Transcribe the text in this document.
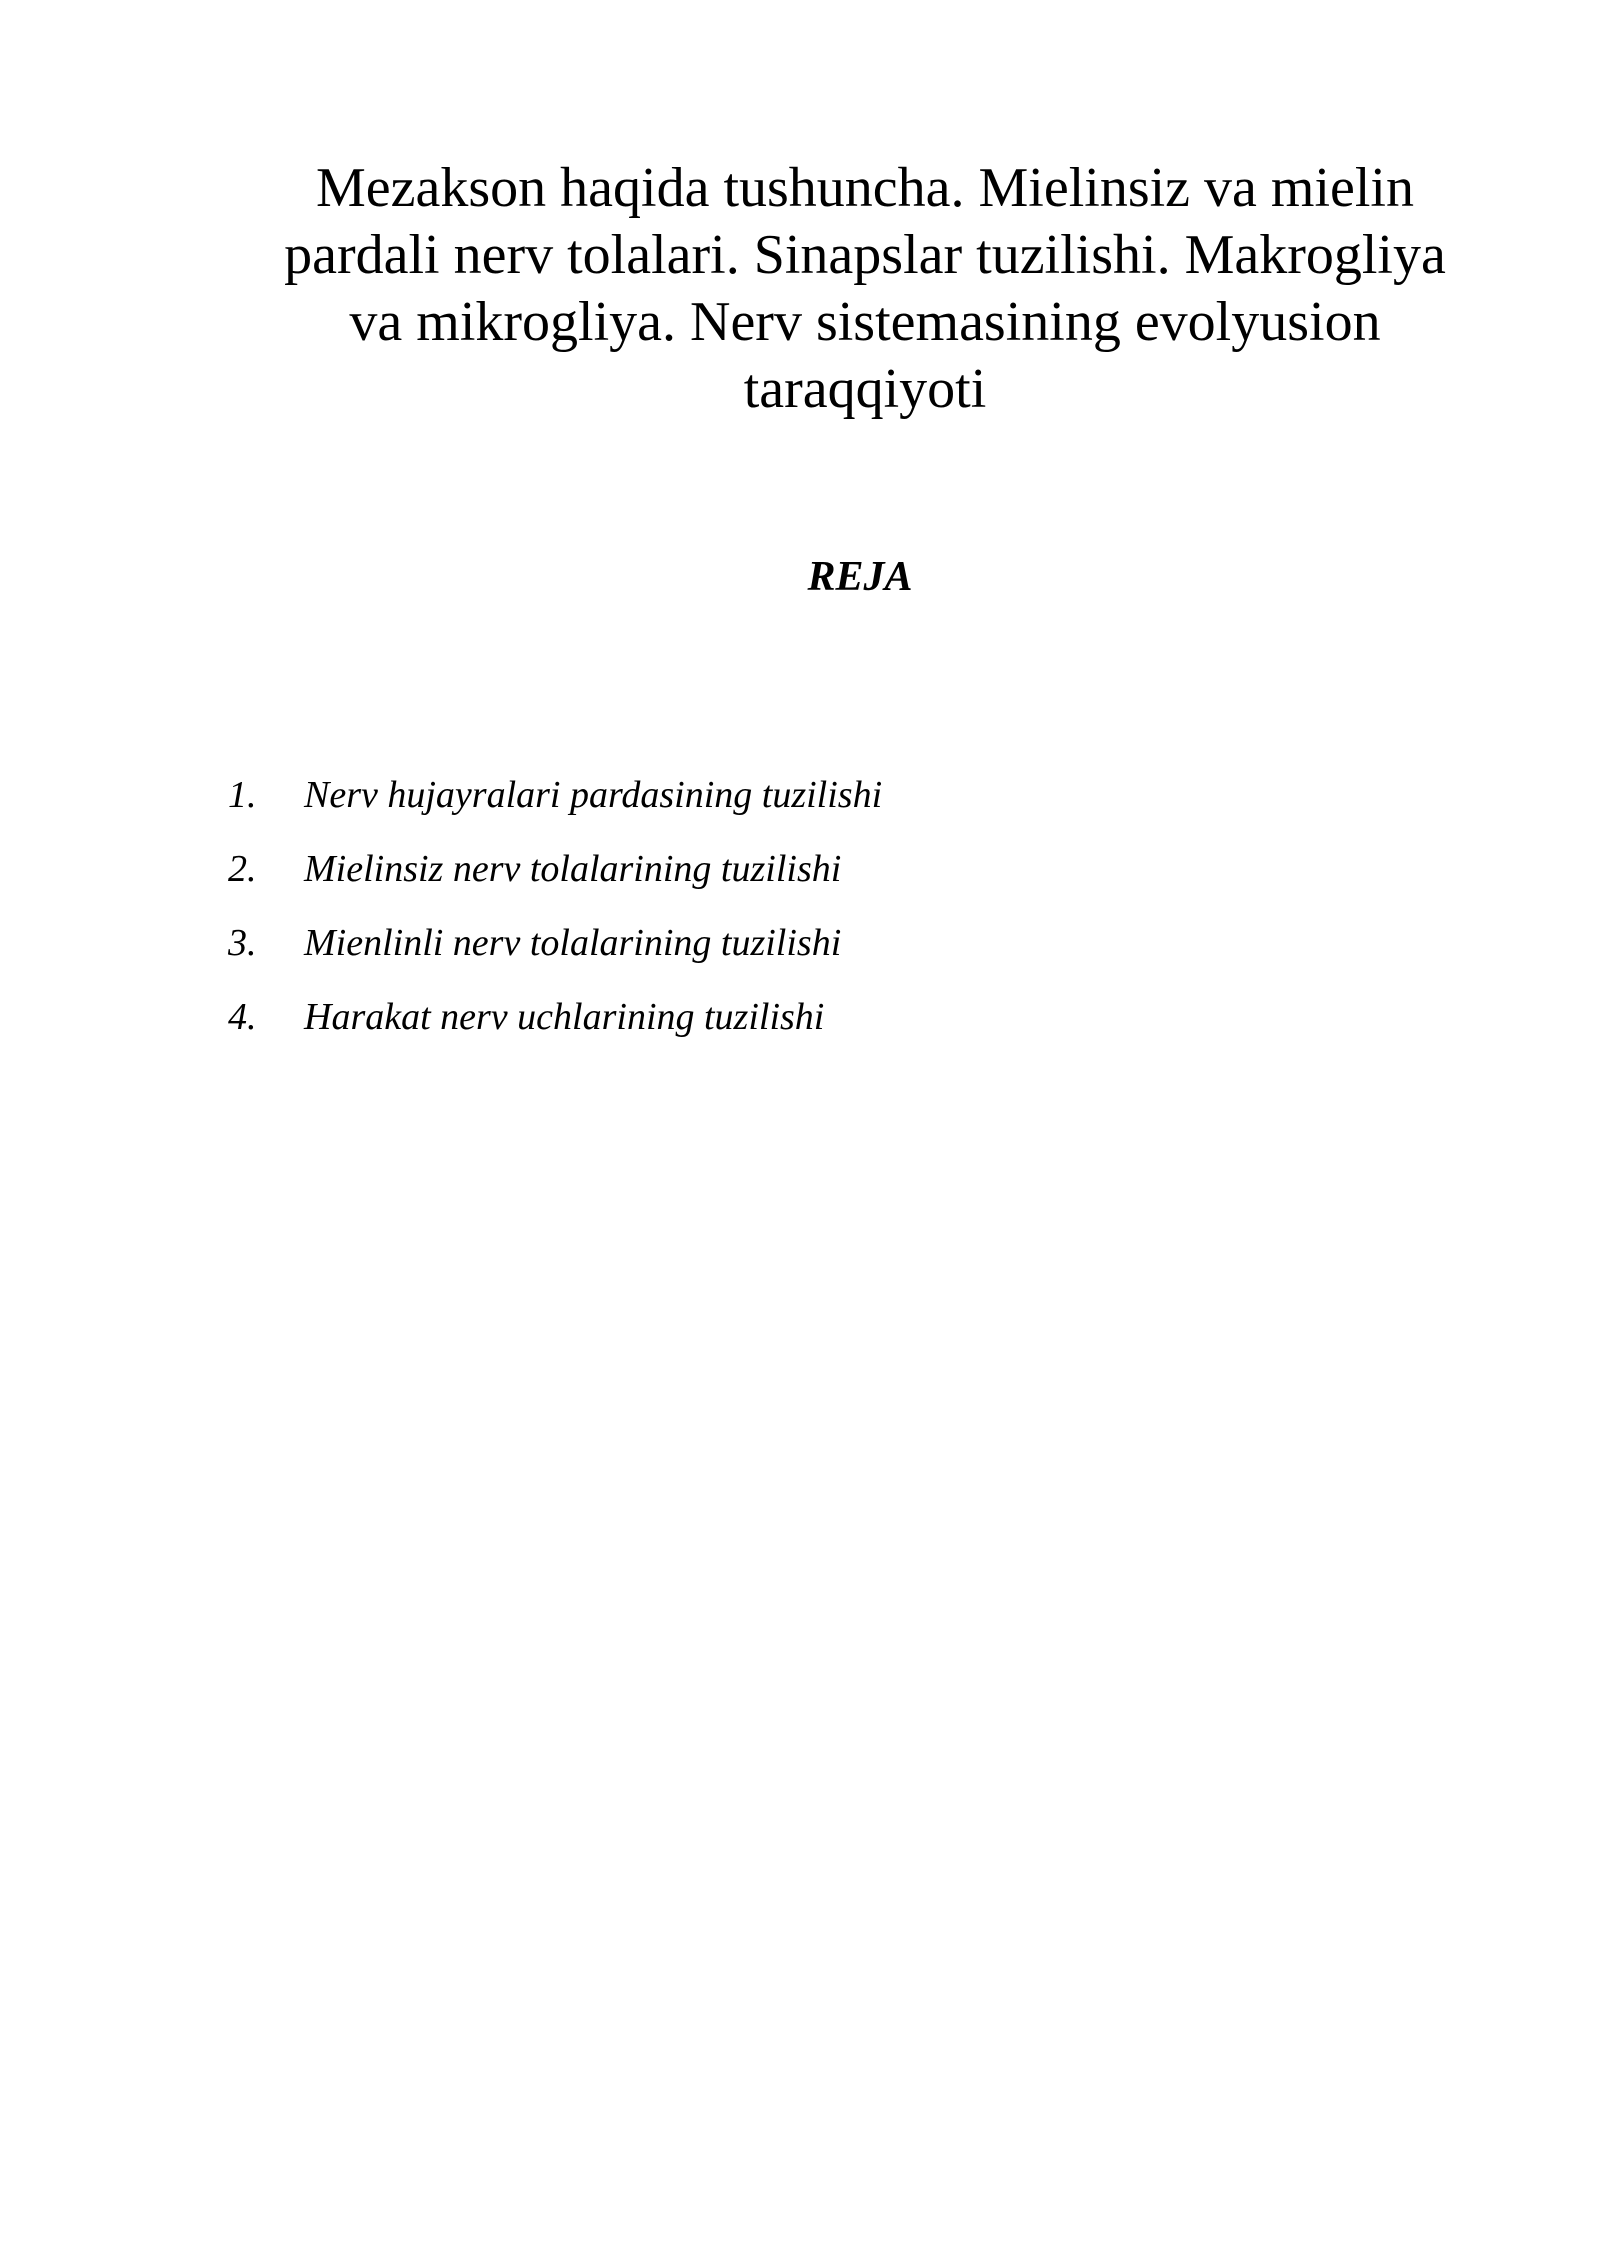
Mezakson haqida tushuncha. Mielinsiz va mielin
pardali nerv tolalari. Sinapslar tuzilishi. Makrogliya
va mikrogliya. Nerv sistemasining evolyusion
taraqqiyoti
REJA
1.	Nerv hujayralari pardasining tuzilishi
2.	Mielinsiz nerv tolalarining tuzilishi
3.	Mienlinli nerv tolalarining tuzilishi
4.	Harakat nerv uchlarining tuzilishi
